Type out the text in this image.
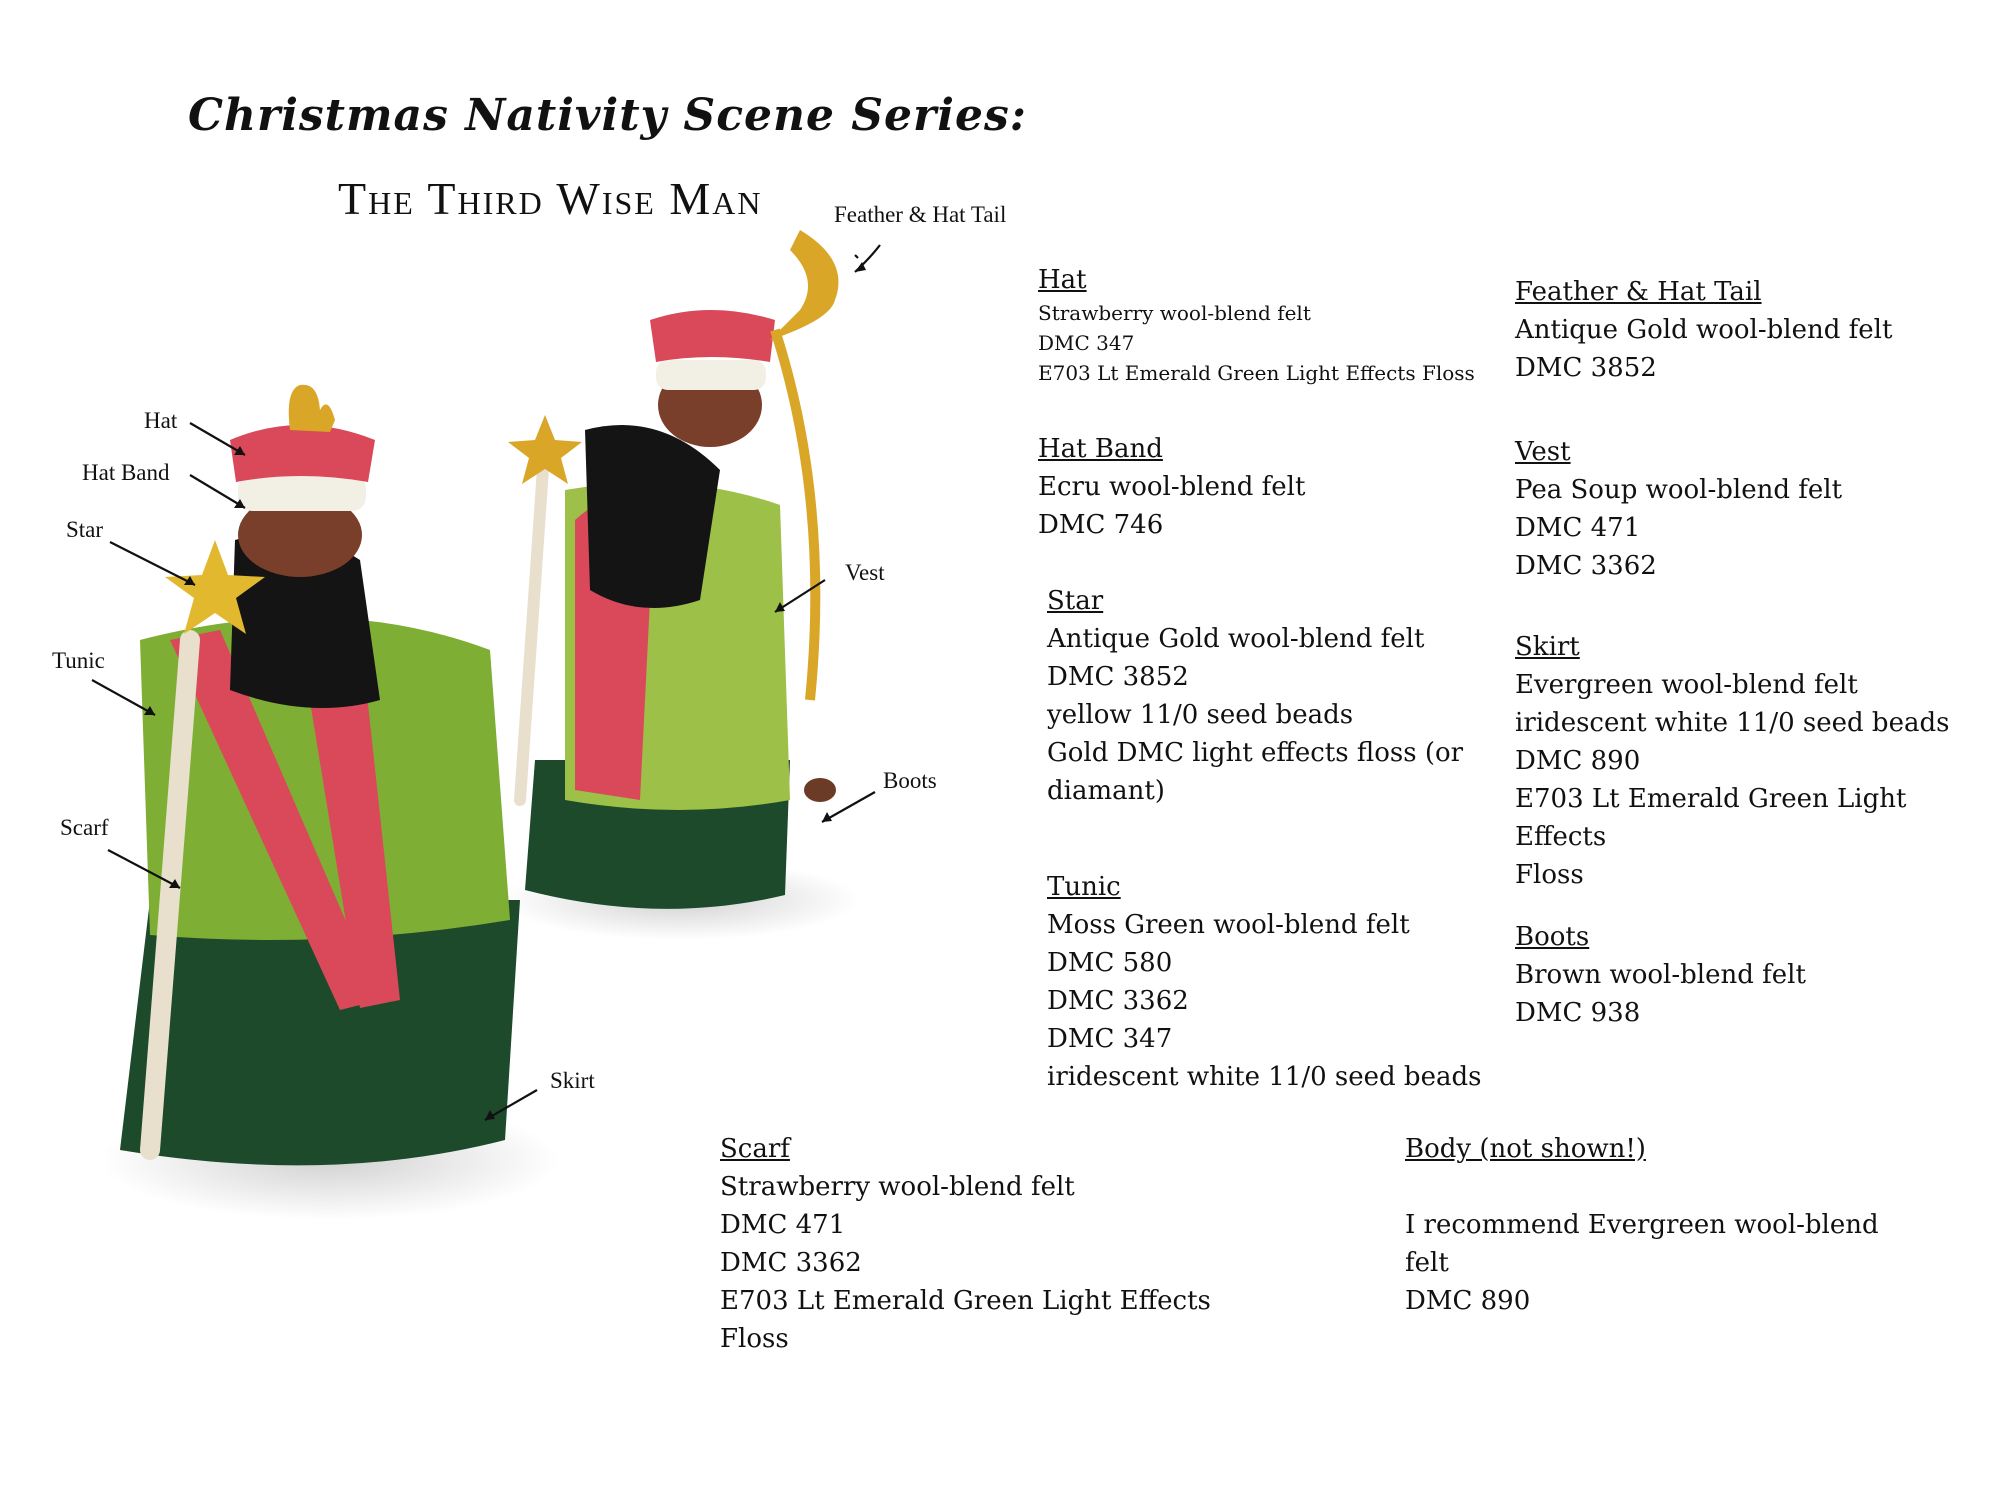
Christmas Nativity Scene Series:
The Third Wise Man	Feather & Hat Tail
Hat
Hat Band
Star
Tunic
Scarf
Vest
Boots
Skirt
Hat
Strawberry wool-blend felt
DMC 347
E703 Lt Emerald Green Light Effects Floss
Hat Band
Ecru wool-blend felt
DMC 746
Star
Antique Gold wool-blend felt
DMC 3852
yellow 11/0 seed beads
Gold DMC light effects floss (or
diamant)
Tunic
Moss Green wool-blend felt
DMC 580
DMC 3362
DMC 347
iridescent white 11/0 seed beads
Feather & Hat Tail
Antique Gold wool-blend felt
DMC 3852
Vest
Pea Soup wool-blend felt
DMC 471
DMC 3362
Skirt
Evergreen wool-blend felt
iridescent white 11/0 seed beads
DMC 890
E703 Lt Emerald Green Light Effects
Floss
Boots
Brown wool-blend felt
DMC 938
Scarf
Strawberry wool-blend felt
DMC 471
DMC 3362
E703 Lt Emerald Green Light Effects Floss
Body (not shown!)
I recommend Evergreen wool-blend
felt
DMC 890
